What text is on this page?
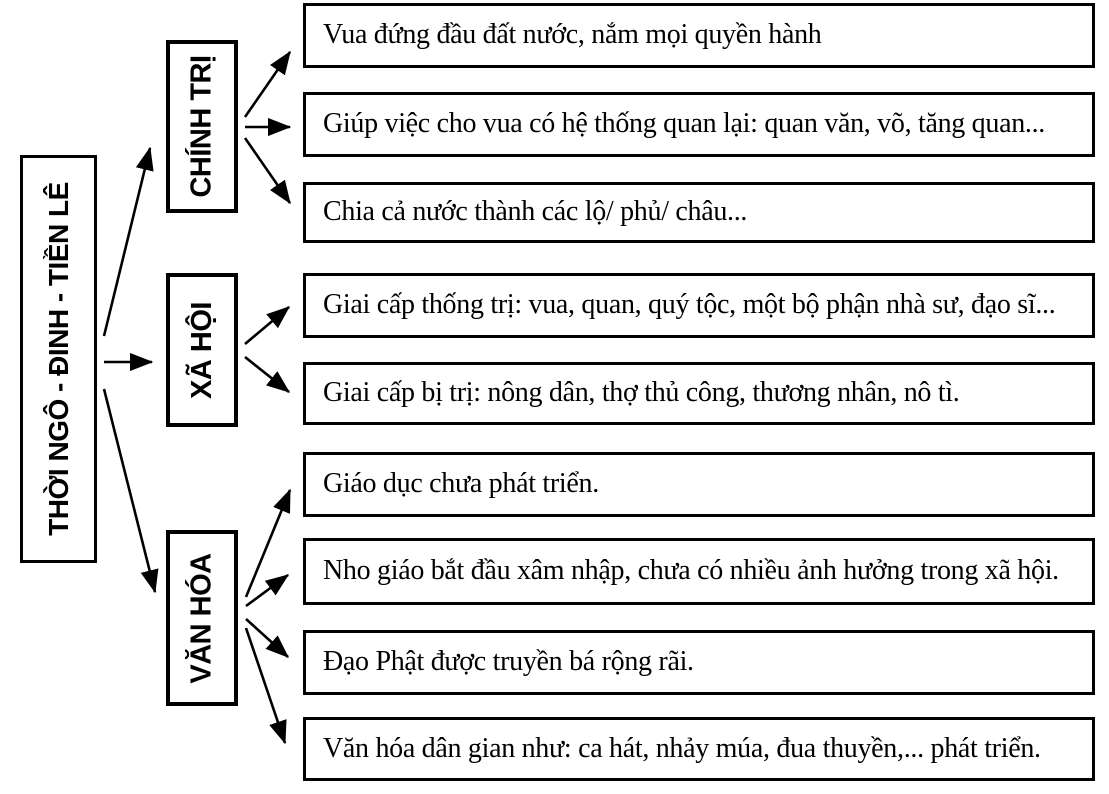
THỜI NGÔ - ĐINH - TIỀN LÊ
CHÍNH TRỊ
XÃ HỘI
VĂN HÓA
Vua đứng đầu đất nước, nắm mọi quyền hành
Giúp việc cho vua có hệ thống quan lại: quan văn, võ, tăng quan...
Chia cả nước thành các lộ/ phủ/ châu...
Giai cấp thống trị: vua, quan, quý tộc, một bộ phận nhà sư, đạo sĩ...
Giai cấp bị trị: nông dân, thợ thủ công, thương nhân, nô tì.
Giáo dục chưa phát triển.
Nho giáo bắt đầu xâm nhập, chưa có nhiều ảnh hưởng trong xã hội.
Đạo Phật được truyền bá rộng rãi.
Văn hóa dân gian như: ca hát, nhảy múa, đua thuyền,... phát triển.
